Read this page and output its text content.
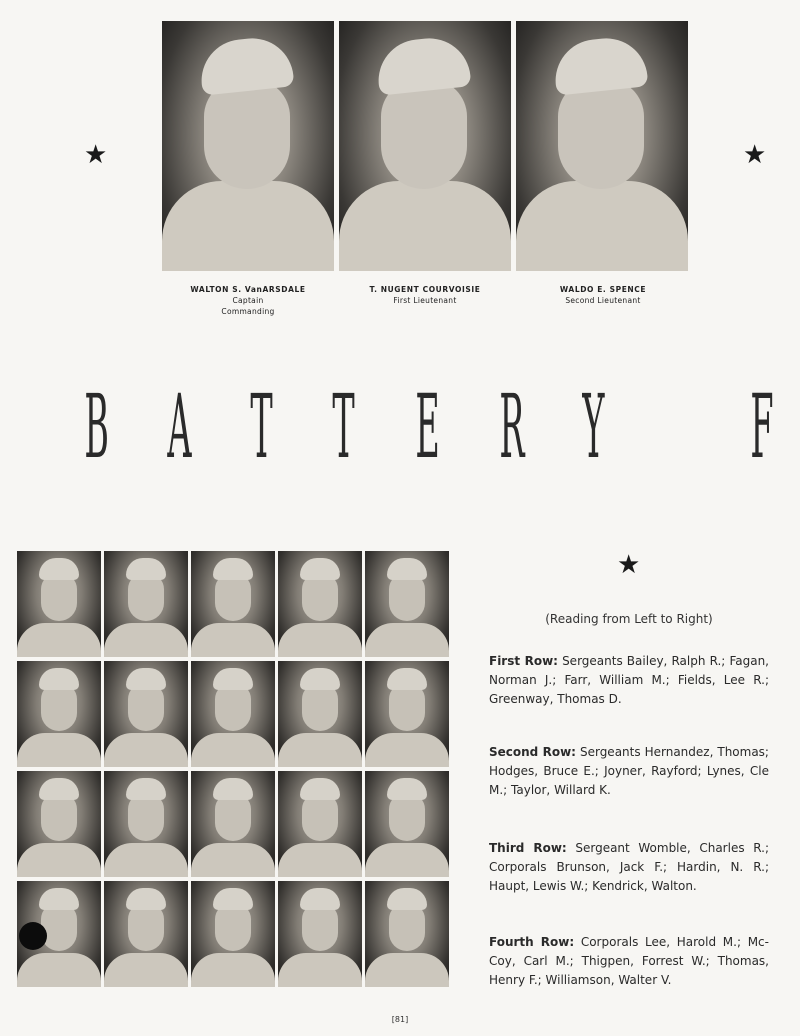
WALTON S. VanARSDALE
Captain
Commanding
T. NUGENT COURVOISIE
First Lieutenant
WALDO E. SPENCE
Second Lieutenant
★	★
★
B A T T E R Y F
(Reading from Left to Right)
First Row: Sergeants Bailey, Ralph R.; Fagan, Norman J.; Farr, William M.; Fields, Lee R.; Greenway, Thomas D.
Second Row: Sergeants Hernandez, Thomas; Hodges, Bruce E.; Joyner, Rayford; Lynes, Cle M.; Taylor, Willard K.
Third Row: Sergeant Womble, Charles R.; Corporals Brunson, Jack F.; Hardin, N. R.; Haupt, Lewis W.; Kendrick, Walton.
Fourth Row: Corporals Lee, Harold M.; Mc-Coy, Carl M.; Thigpen, Forrest W.; Thomas, Henry F.; Williamson, Walter V.
[81]
